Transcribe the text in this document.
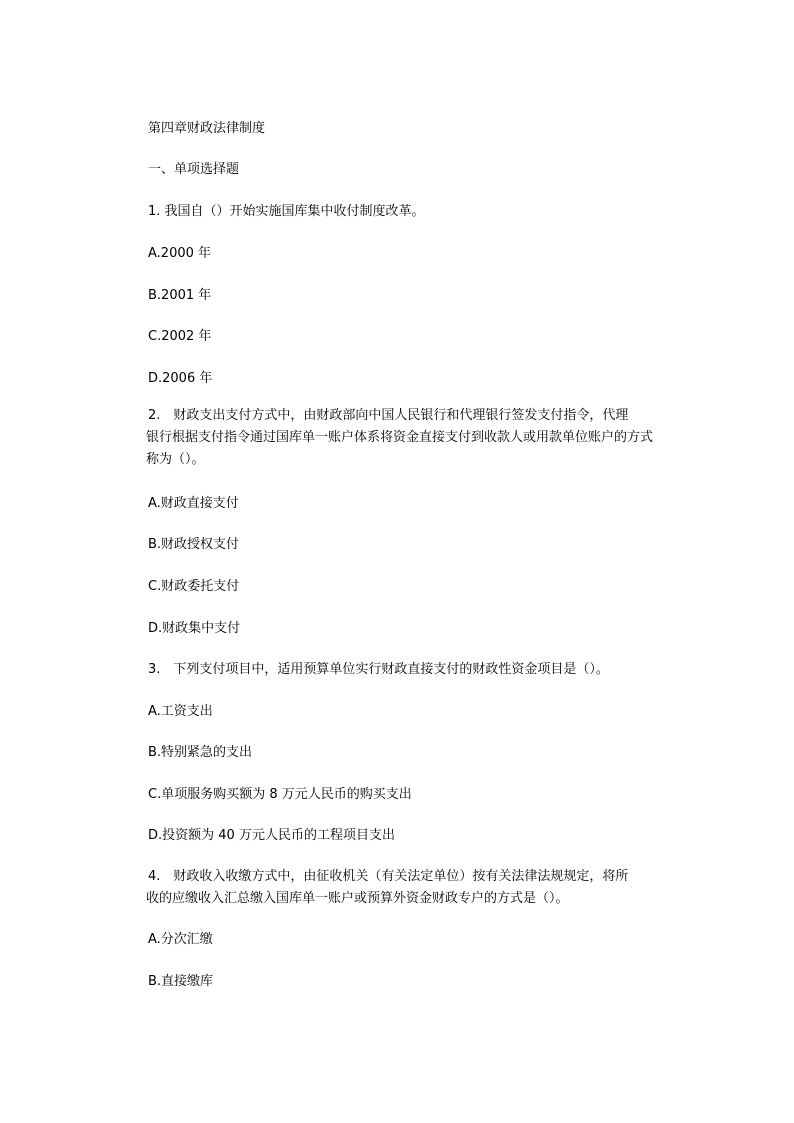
第四章财政法律制度

一、单项选择题

1. 我国自（）开始实施国库集中收付制度改革。

A.2000 年

B.2001 年

C.2002 年

D.2006 年

2.　财政支出支付方式中，由财政部向中国人民银行和代理银行签发支付指令，代理
银行根据支付指令通过国库单一账户体系将资金直接支付到收款人或用款单位账户的方式
称为（）。

A.财政直接支付

B.财政授权支付

C.财政委托支付

D.财政集中支付

3.　下列支付项目中，适用预算单位实行财政直接支付的财政性资金项目是（）。

A.工资支出

B.特别紧急的支出

C.单项服务购买额为 8 万元人民币的购买支出

D.投资额为 40 万元人民币的工程项目支出

4.　财政收入收缴方式中，由征收机关（有关法定单位）按有关法律法规规定，将所
收的应缴收入汇总缴入国库单一账户或预算外资金财政专户的方式是（）。

A.分次汇缴

B.直接缴库
